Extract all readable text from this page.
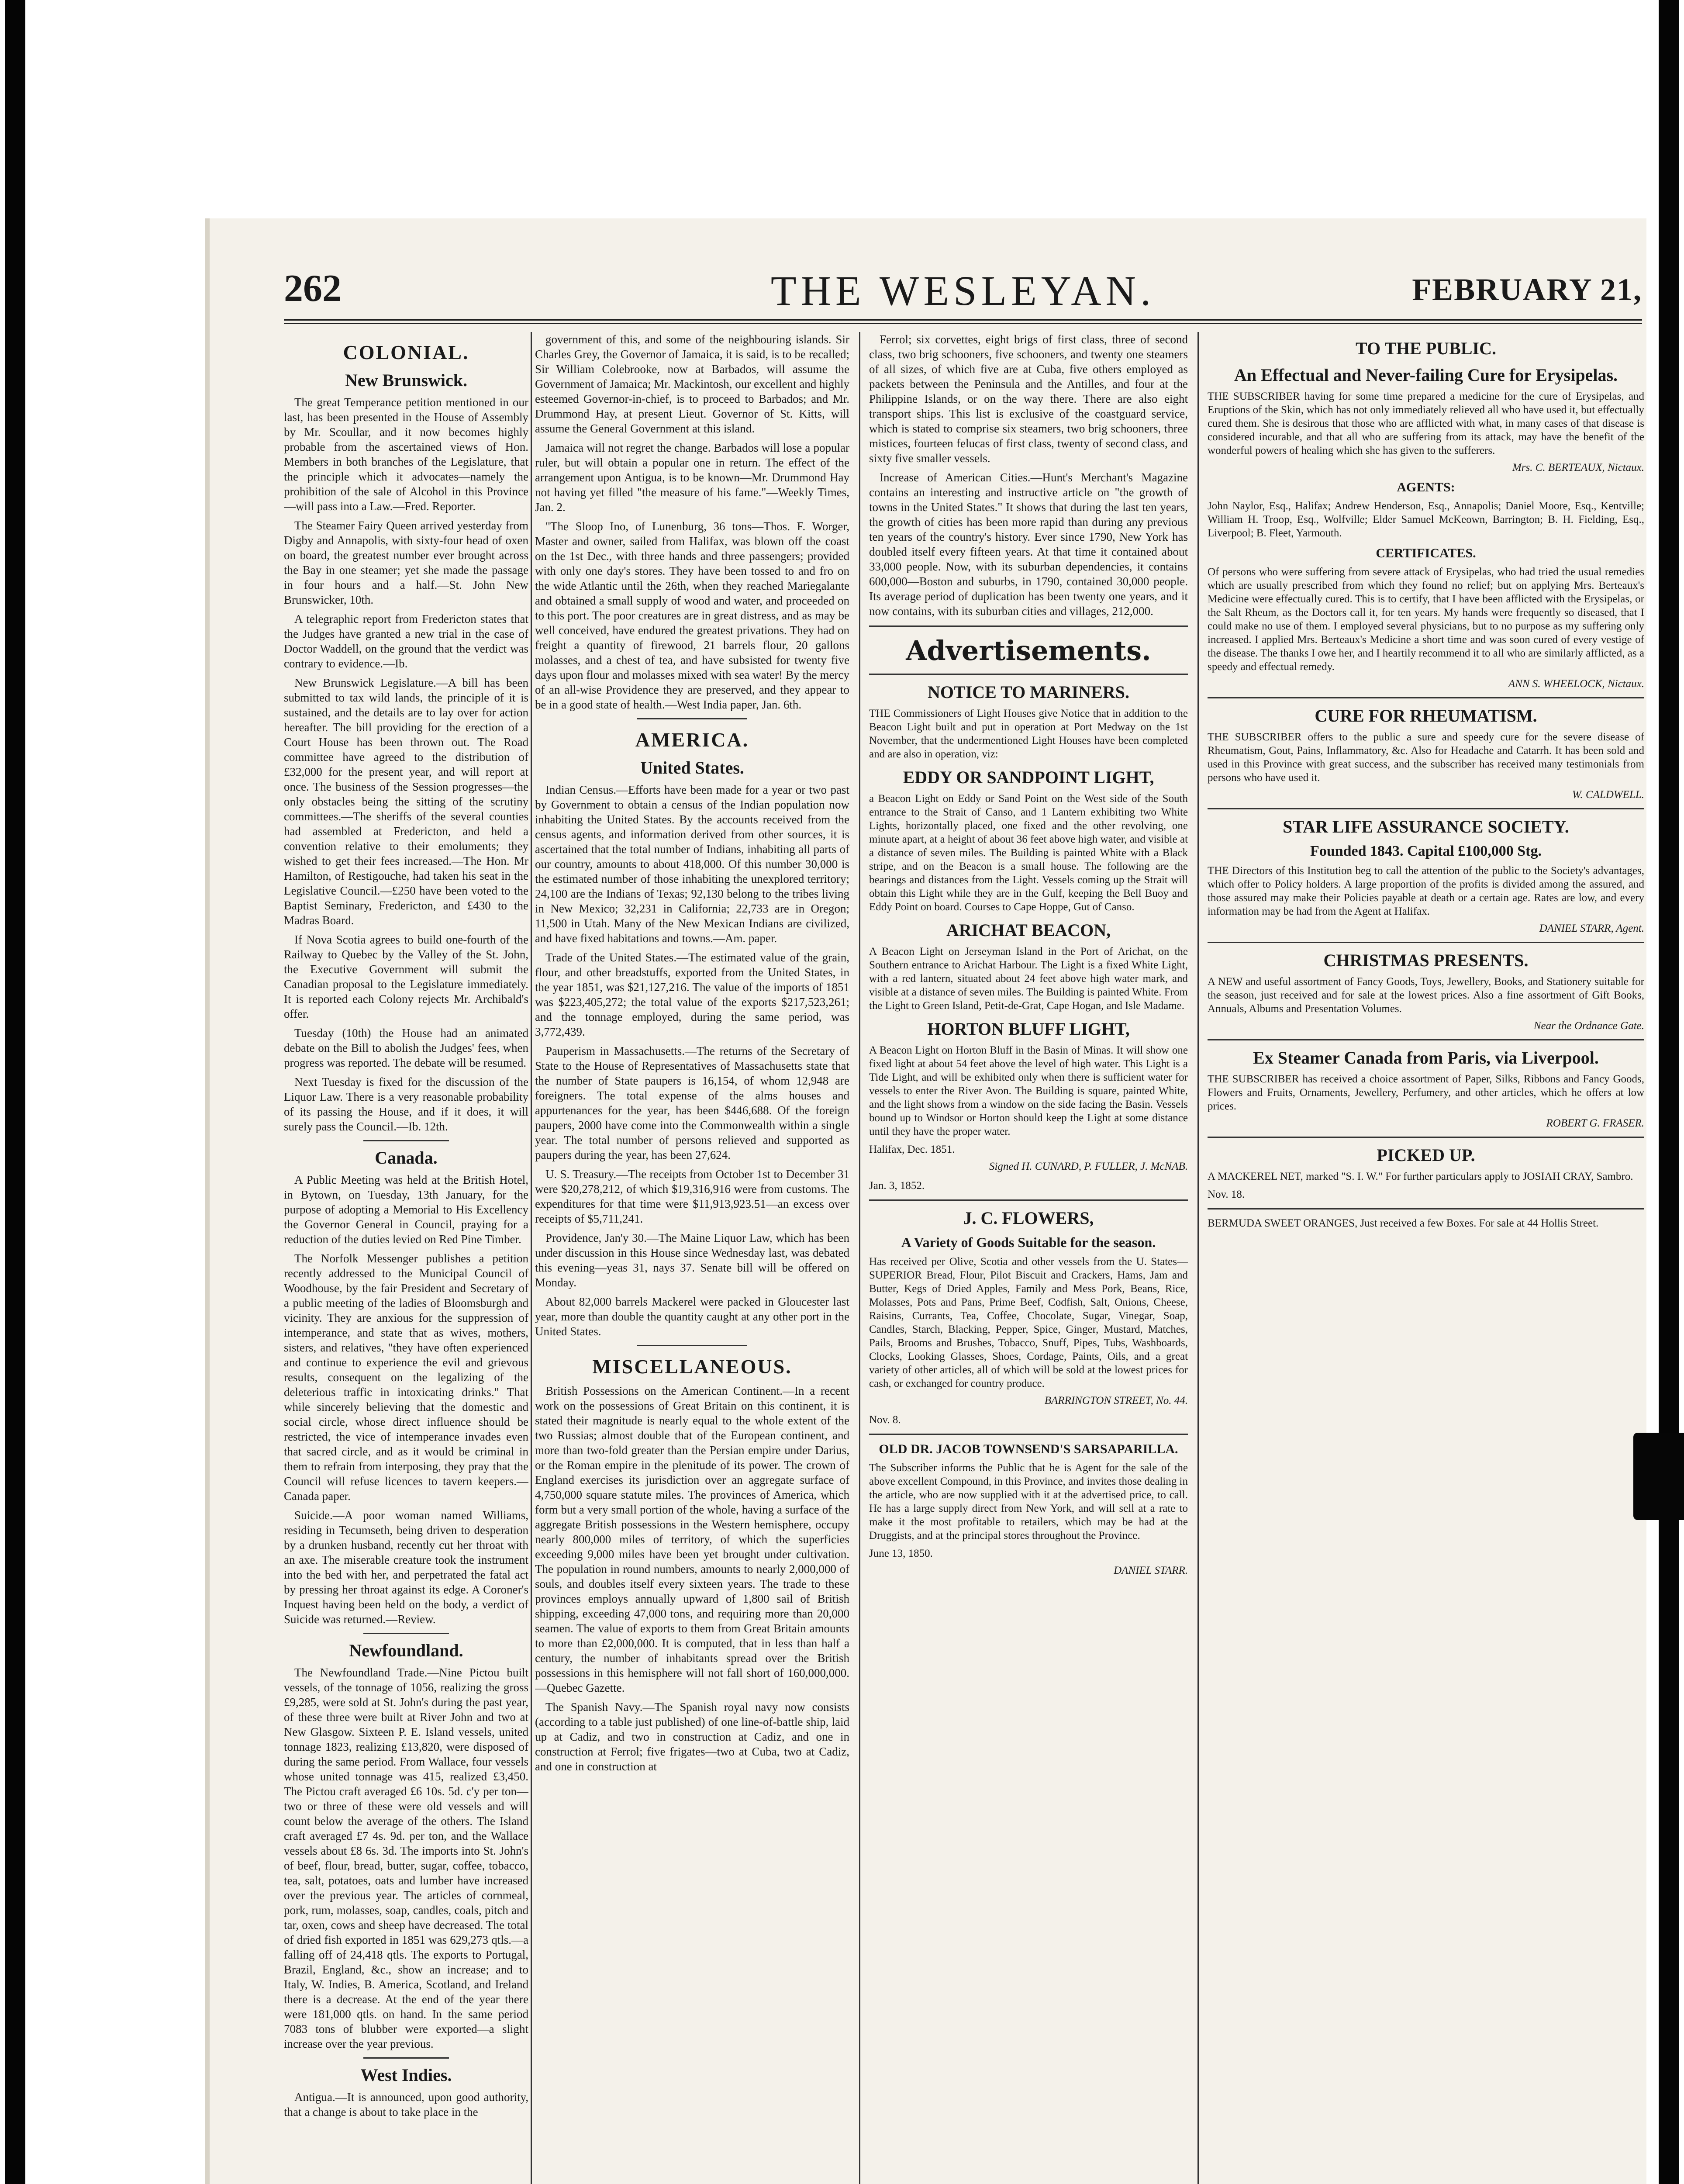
262	THE WESLEYAN.	FEBRUARY 21,
COLONIAL.
New Brunswick.

The great Temperance petition mentioned in our last, has been presented in the House of Assembly by Mr. Scoullar, and it now becomes highly probable from the ascertained views of Hon. Members in both branches of the Legislature, that the principle which it advocates—namely the prohibition of the sale of Alcohol in this Province—will pass into a Law.—Fred. Reporter.

The Steamer Fairy Queen arrived yesterday from Digby and Annapolis, with sixty-four head of oxen on board, the greatest number ever brought across the Bay in one steamer; yet she made the passage in four hours and a half.—St. John New Brunswicker, 10th.

A telegraphic report from Fredericton states that the Judges have granted a new trial in the case of Doctor Waddell, on the ground that the verdict was contrary to evidence.—Ib.

New Brunswick Legislature.—A bill has been submitted to tax wild lands, the principle of it is sustained, and the details are to lay over for action hereafter. The bill providing for the erection of a Court House has been thrown out. The Road committee have agreed to the distribution of £32,000 for the present year, and will report at once. The business of the Session progresses—the only obstacles being the sitting of the scrutiny committees.—The sheriffs of the several counties had assembled at Fredericton, and held a convention relative to their emoluments; they wished to get their fees increased.—The Hon. Mr Hamilton, of Restigouche, had taken his seat in the Legislative Council.—£250 have been voted to the Baptist Seminary, Fredericton, and £430 to the Madras Board.

If Nova Scotia agrees to build one-fourth of the Railway to Quebec by the Valley of the St. John, the Executive Government will submit the Canadian proposal to the Legislature immediately. It is reported each Colony rejects Mr. Archibald's offer.

Tuesday (10th) the House had an animated debate on the Bill to abolish the Judges' fees, when progress was reported. The debate will be resumed.

Next Tuesday is fixed for the discussion of the Liquor Law. There is a very reasonable probability of its passing the House, and if it does, it will surely pass the Council.—Ib. 12th.

Canada.

A Public Meeting was held at the British Hotel, in Bytown, on Tuesday, 13th January, for the purpose of adopting a Memorial to His Excellency the Governor General in Council, praying for a reduction of the duties levied on Red Pine Timber.

The Norfolk Messenger publishes a petition recently addressed to the Municipal Council of Woodhouse, by the fair President and Secretary of a public meeting of the ladies of Bloomsburgh and vicinity. They are anxious for the suppression of intemperance, and state that as wives, mothers, sisters, and relatives, "they have often experienced and continue to experience the evil and grievous results, consequent on the legalizing of the deleterious traffic in intoxicating drinks." That while sincerely believing that the domestic and social circle, whose direct influence should be restricted, the vice of intemperance invades even that sacred circle, and as it would be criminal in them to refrain from interposing, they pray that the Council will refuse licences to tavern keepers.—Canada paper.

Suicide.—A poor woman named Williams, residing in Tecumseth, being driven to desperation by a drunken husband, recently cut her throat with an axe. The miserable creature took the instrument into the bed with her, and perpetrated the fatal act by pressing her throat against its edge. A Coroner's Inquest having been held on the body, a verdict of Suicide was returned.—Review.

Newfoundland.

The Newfoundland Trade.—Nine Pictou built vessels, of the tonnage of 1056, realizing the gross £9,285, were sold at St. John's during the past year, of these three were built at River John and two at New Glasgow. Sixteen P. E. Island vessels, united tonnage 1823, realizing £13,820, were disposed of during the same period. From Wallace, four vessels whose united tonnage was 415, realized £3,450. The Pictou craft averaged £6 10s. 5d. c'y per ton—two or three of these were old vessels and will count below the average of the others. The Island craft averaged £7 4s. 9d. per ton, and the Wallace vessels about £8 6s. 3d. The imports into St. John's of beef, flour, bread, butter, sugar, coffee, tobacco, tea, salt, potatoes, oats and lumber have increased over the previous year. The articles of cornmeal, pork, rum, molasses, soap, candles, coals, pitch and tar, oxen, cows and sheep have decreased. The total of dried fish exported in 1851 was 629,273 qtls.—a falling off of 24,418 qtls. The exports to Portugal, Brazil, England, &c., show an increase; and to Italy, W. Indies, B. America, Scotland, and Ireland there is a decrease. At the end of the year there were 181,000 qtls. on hand. In the same period 7083 tons of blubber were exported—a slight increase over the year previous.

West Indies.

Antigua.—It is announced, upon good authority, that a change is about to take place in the

government of this, and some of the neighbouring islands. Sir Charles Grey, the Governor of Jamaica, it is said, is to be recalled; Sir William Colebrooke, now at Barbados, will assume the Government of Jamaica; Mr. Mackintosh, our excellent and highly esteemed Governor-in-chief, is to proceed to Barbados; and Mr. Drummond Hay, at present Lieut. Governor of St. Kitts, will assume the General Government at this island.

Jamaica will not regret the change. Barbados will lose a popular ruler, but will obtain a popular one in return. The effect of the arrangement upon Antigua, is to be known—Mr. Drummond Hay not having yet filled "the measure of his fame."—Weekly Times, Jan. 2.

"The Sloop Ino, of Lunenburg, 36 tons—Thos. F. Worger, Master and owner, sailed from Halifax, was blown off the coast on the 1st Dec., with three hands and three passengers; provided with only one day's stores. They have been tossed to and fro on the wide Atlantic until the 26th, when they reached Mariegalante and obtained a small supply of wood and water, and proceeded on to this port. The poor creatures are in great distress, and as may be well conceived, have endured the greatest privations. They had on freight a quantity of firewood, 21 barrels flour, 20 gallons molasses, and a chest of tea, and have subsisted for twenty five days upon flour and molasses mixed with sea water! By the mercy of an all-wise Providence they are preserved, and they appear to be in a good state of health.—West India paper, Jan. 6th.

AMERICA.
United States.

Indian Census.—Efforts have been made for a year or two past by Government to obtain a census of the Indian population now inhabiting the United States. By the accounts received from the census agents, and information derived from other sources, it is ascertained that the total number of Indians, inhabiting all parts of our country, amounts to about 418,000. Of this number 30,000 is the estimated number of those inhabiting the unexplored territory; 24,100 are the Indians of Texas; 92,130 belong to the tribes living in New Mexico; 32,231 in California; 22,733 are in Oregon; 11,500 in Utah. Many of the New Mexican Indians are civilized, and have fixed habitations and towns.—Am. paper.

Trade of the United States.—The estimated value of the grain, flour, and other breadstuffs, exported from the United States, in the year 1851, was $21,127,216. The value of the imports of 1851 was $223,405,272; the total value of the exports $217,523,261; and the tonnage employed, during the same period, was 3,772,439.

Pauperism in Massachusetts.—The returns of the Secretary of State to the House of Representatives of Massachusetts state that the number of State paupers is 16,154, of whom 12,948 are foreigners. The total expense of the alms houses and appurtenances for the year, has been $446,688. Of the foreign paupers, 2000 have come into the Commonwealth within a single year. The total number of persons relieved and supported as paupers during the year, has been 27,624.

U. S. Treasury.—The receipts from October 1st to December 31 were $20,278,212, of which $19,316,916 were from customs. The expenditures for that time were $11,913,923.51—an excess over receipts of $5,711,241.

Providence, Jan'y 30.—The Maine Liquor Law, which has been under discussion in this House since Wednesday last, was debated this evening—yeas 31, nays 37. Senate bill will be offered on Monday.

About 82,000 barrels Mackerel were packed in Gloucester last year, more than double the quantity caught at any other port in the United States.

MISCELLANEOUS.

British Possessions on the American Continent.—In a recent work on the possessions of Great Britain on this continent, it is stated their magnitude is nearly equal to the whole extent of the two Russias; almost double that of the European continent, and more than two-fold greater than the Persian empire under Darius, or the Roman empire in the plenitude of its power. The crown of England exercises its jurisdiction over an aggregate surface of 4,750,000 square statute miles. The provinces of America, which form but a very small portion of the whole, having a surface of the aggregate British possessions in the Western hemisphere, occupy nearly 800,000 miles of territory, of which the superficies exceeding 9,000 miles have been yet brought under cultivation. The population in round numbers, amounts to nearly 2,000,000 of souls, and doubles itself every sixteen years. The trade to these provinces employs annually upward of 1,800 sail of British shipping, exceeding 47,000 tons, and requiring more than 20,000 seamen. The value of exports to them from Great Britain amounts to more than £2,000,000. It is computed, that in less than half a century, the number of inhabitants spread over the British possessions in this hemisphere will not fall short of 160,000,000.—Quebec Gazette.

The Spanish Navy.—The Spanish royal navy now consists (according to a table just published) of one line-of-battle ship, laid up at Cadiz, and two in construction at Cadiz, and one in construction at Ferrol; five frigates—two at Cuba, two at Cadiz, and one in construction at

Ferrol; six corvettes, eight brigs of first class, three of second class, two brig schooners, five schooners, and twenty one steamers of all sizes, of which five are at Cuba, five others employed as packets between the Peninsula and the Antilles, and four at the Philippine Islands, or on the way there. There are also eight transport ships. This list is exclusive of the coastguard service, which is stated to comprise six steamers, two brig schooners, three mistices, fourteen felucas of first class, twenty of second class, and sixty five smaller vessels.

Increase of American Cities.—Hunt's Merchant's Magazine contains an interesting and instructive article on "the growth of towns in the United States." It shows that during the last ten years, the growth of cities has been more rapid than during any previous ten years of the country's history. Ever since 1790, New York has doubled itself every fifteen years. At that time it contained about 33,000 people. Now, with its suburban dependencies, it contains 600,000—Boston and suburbs, in 1790, contained 30,000 people. Its average period of duplication has been twenty one years, and it now contains, with its suburban cities and villages, 212,000.

Advertisements.
NOTICE TO MARINERS.

THE Commissioners of Light Houses give Notice that in addition to the Beacon Light built and put in operation at Port Medway on the 1st November, that the undermentioned Light Houses have been completed and are also in operation, viz:

EDDY OR SANDPOINT LIGHT,

a Beacon Light on Eddy or Sand Point on the West side of the South entrance to the Strait of Canso, and 1 Lantern exhibiting two White Lights, horizontally placed, one fixed and the other revolving, one minute apart, at a height of about 36 feet above high water, and visible at a distance of seven miles. The Building is painted White with a Black stripe, and on the Beacon is a small house. The following are the bearings and distances from the Light. Vessels coming up the Strait will obtain this Light while they are in the Gulf, keeping the Bell Buoy and Eddy Point on board. Courses to Cape Hoppe, Gut of Canso.

ARICHAT BEACON,

A Beacon Light on Jerseyman Island in the Port of Arichat, on the Southern entrance to Arichat Harbour. The Light is a fixed White Light, with a red lantern, situated about 24 feet above high water mark, and visible at a distance of seven miles. The Building is painted White. From the Light to Green Island, Petit-de-Grat, Cape Hogan, and Isle Madame.

HORTON BLUFF LIGHT,

A Beacon Light on Horton Bluff in the Basin of Minas. It will show one fixed light at about 54 feet above the level of high water. This Light is a Tide Light, and will be exhibited only when there is sufficient water for vessels to enter the River Avon. The Building is square, painted White, and the light shows from a window on the side facing the Basin. Vessels bound up to Windsor or Horton should keep the Light at some distance until they have the proper water.

Halifax, Dec. 1851.

Signed H. CUNARD, P. FULLER, J. McNAB.

Jan. 3, 1852.

J. C. FLOWERS,
A Variety of Goods Suitable for the season.

Has received per Olive, Scotia and other vessels from the U. States—SUPERIOR Bread, Flour, Pilot Biscuit and Crackers, Hams, Jam and Butter, Kegs of Dried Apples, Family and Mess Pork, Beans, Rice, Molasses, Pots and Pans, Prime Beef, Codfish, Salt, Onions, Cheese, Raisins, Currants, Tea, Coffee, Chocolate, Sugar, Vinegar, Soap, Candles, Starch, Blacking, Pepper, Spice, Ginger, Mustard, Matches, Pails, Brooms and Brushes, Tobacco, Snuff, Pipes, Tubs, Washboards, Clocks, Looking Glasses, Shoes, Cordage, Paints, Oils, and a great variety of other articles, all of which will be sold at the lowest prices for cash, or exchanged for country produce.

BARRINGTON STREET, No. 44.

Nov. 8.

OLD DR. JACOB TOWNSEND'S SARSAPARILLA.

The Subscriber informs the Public that he is Agent for the sale of the above excellent Compound, in this Province, and invites those dealing in the article, who are now supplied with it at the advertised price, to call. He has a large supply direct from New York, and will sell at a rate to make it the most profitable to retailers, which may be had at the Druggists, and at the principal stores throughout the Province.

June 13, 1850.

DANIEL STARR.
TO THE PUBLIC.
An Effectual and Never-failing Cure for Erysipelas.

THE SUBSCRIBER having for some time prepared a medicine for the cure of Erysipelas, and Eruptions of the Skin, which has not only immediately relieved all who have used it, but effectually cured them. She is desirous that those who are afflicted with what, in many cases of that disease is considered incurable, and that all who are suffering from its attack, may have the benefit of the wonderful powers of healing which she has given to the sufferers.

Mrs. C. BERTEAUX, Nictaux.
AGENTS:

John Naylor, Esq., Halifax; Andrew Henderson, Esq., Annapolis; Daniel Moore, Esq., Kentville; William H. Troop, Esq., Wolfville; Elder Samuel McKeown, Barrington; B. H. Fielding, Esq., Liverpool; B. Fleet, Yarmouth.

CERTIFICATES.

Of persons who were suffering from severe attack of Erysipelas, who had tried the usual remedies which are usually prescribed from which they found no relief; but on applying Mrs. Berteaux's Medicine were effectually cured. This is to certify, that I have been afflicted with the Erysipelas, or the Salt Rheum, as the Doctors call it, for ten years. My hands were frequently so diseased, that I could make no use of them. I employed several physicians, but to no purpose as my suffering only increased. I applied Mrs. Berteaux's Medicine a short time and was soon cured of every vestige of the disease. The thanks I owe her, and I heartily recommend it to all who are similarly afflicted, as a speedy and effectual remedy.

ANN S. WHEELOCK, Nictaux.
CURE FOR RHEUMATISM.

THE SUBSCRIBER offers to the public a sure and speedy cure for the severe disease of Rheumatism, Gout, Pains, Inflammatory, &c. Also for Headache and Catarrh. It has been sold and used in this Province with great success, and the subscriber has received many testimonials from persons who have used it.

W. CALDWELL.
STAR LIFE ASSURANCE SOCIETY.
Founded 1843. Capital £100,000 Stg.

THE Directors of this Institution beg to call the attention of the public to the Society's advantages, which offer to Policy holders. A large proportion of the profits is divided among the assured, and those assured may make their Policies payable at death or a certain age. Rates are low, and every information may be had from the Agent at Halifax.

DANIEL STARR, Agent.
CHRISTMAS PRESENTS.

A NEW and useful assortment of Fancy Goods, Toys, Jewellery, Books, and Stationery suitable for the season, just received and for sale at the lowest prices. Also a fine assortment of Gift Books, Annuals, Albums and Presentation Volumes.

Near the Ordnance Gate.
Ex Steamer Canada from Paris, via Liverpool.

THE SUBSCRIBER has received a choice assortment of Paper, Silks, Ribbons and Fancy Goods, Flowers and Fruits, Ornaments, Jewellery, Perfumery, and other articles, which he offers at low prices.

ROBERT G. FRASER.
PICKED UP.

A MACKEREL NET, marked "S. I. W." For further particulars apply to JOSIAH CRAY, Sambro.

Nov. 18.

BERMUDA SWEET ORANGES, Just received a few Boxes. For sale at 44 Hollis Street.
